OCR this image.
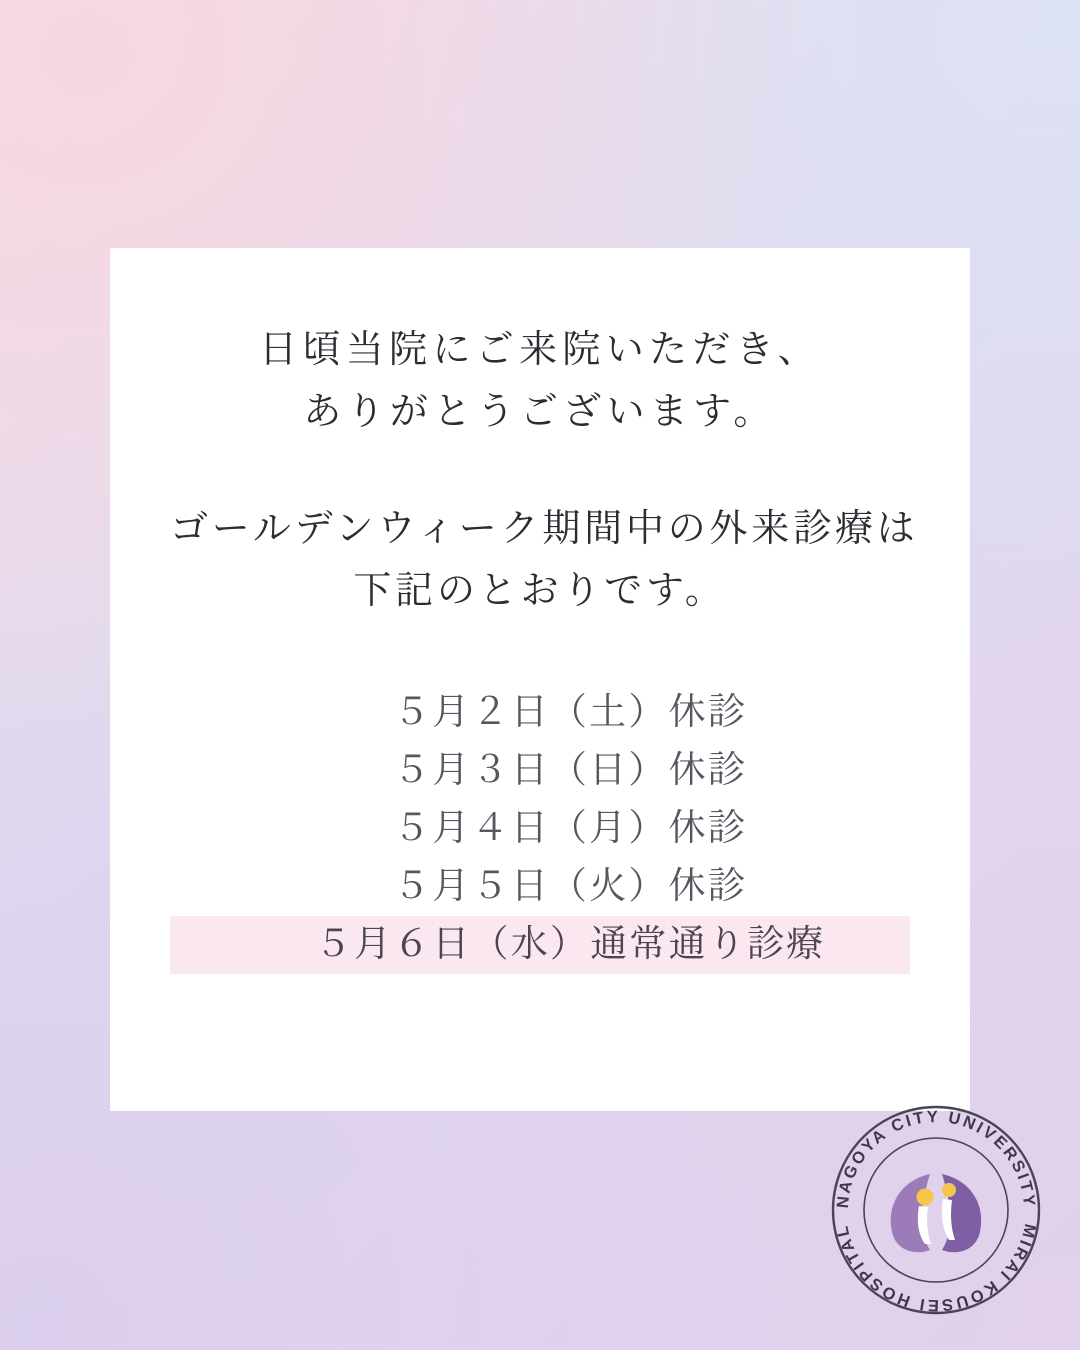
日頃当院にご来院いただき、
ありがとうございます。
ゴールデンウィーク期間中の外来診療は
下記のとおりです。
５月２日（土） 休診
５月３日（日） 休診
５月４日（月） 休診
５月５日（火） 休診
５月６日（水） 通常通り診療
NAGOYA CITY UNIVERSITY
MIRAI KOUSEI HOSPITAL
